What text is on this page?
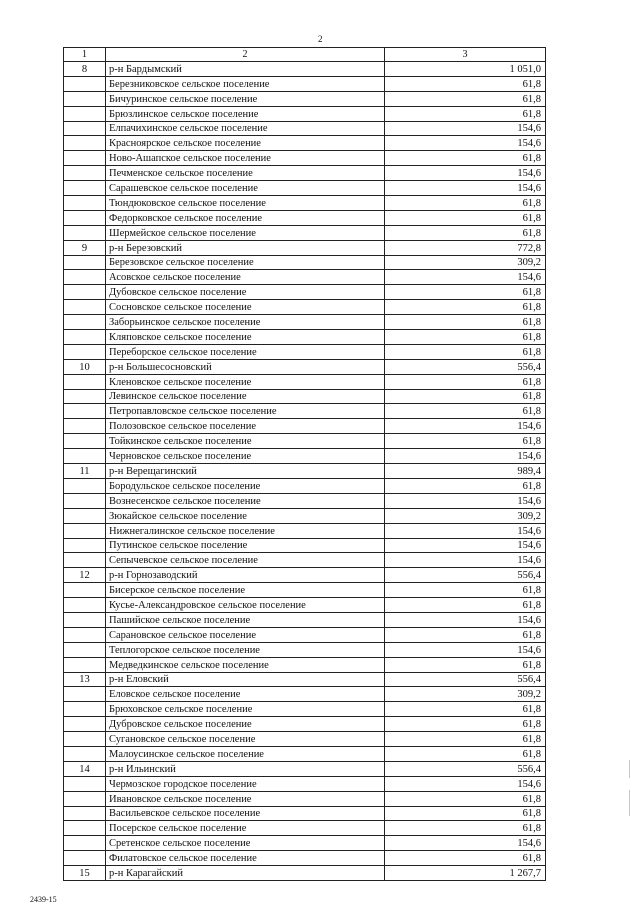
2
1	2	3
8	р-н Бардымский	1 051,0
	Березниковское сельское поселение	61,8
	Бичуринское сельское поселение	61,8
	Брюзлинское сельское поселение	61,8
	Елпачихинское сельское поселение	154,6
	Красноярское сельское поселение	154,6
	Ново-Ашапское сельское поселение	61,8
	Печменское сельское поселение	154,6
	Сарашевское сельское поселение	154,6
	Тюндюковское сельское поселение	61,8
	Федорковское сельское поселение	61,8
	Шермейское сельское поселение	61,8
9	р-н Березовский	772,8
	Березовское сельское поселение	309,2
	Асовское сельское поселение	154,6
	Дубовское сельское поселение	61,8
	Сосновское сельское поселение	61,8
	Заборьинское сельское поселение	61,8
	Кляповское сельское поселение	61,8
	Переборское сельское поселение	61,8
10	р-н Большесосновский	556,4
	Кленовское сельское поселение	61,8
	Левинское сельское поселение	61,8
	Петропавловское сельское поселение	61,8
	Полозовское сельское поселение	154,6
	Тойкинское сельское поселение	61,8
	Черновское сельское поселение	154,6
11	р-н Верещагинский	989,4
	Бородульское сельское поселение	61,8
	Вознесенское сельское поселение	154,6
	Зюкайское сельское поселение	309,2
	Нижнегалинское сельское поселение	154,6
	Путинское сельское поселение	154,6
	Сепычевское сельское поселение	154,6
12	р-н Горнозаводский	556,4
	Бисерское сельское поселение	61,8
	Кусье-Александровское сельское поселение	61,8
	Пашийское сельское поселение	154,6
	Сарановское сельское поселение	61,8
	Теплогорское сельское поселение	154,6
	Медведкинское сельское поселение	61,8
13	р-н Еловский	556,4
	Еловское сельское поселение	309,2
	Брюховское сельское поселение	61,8
	Дубровское сельское поселение	61,8
	Сугановское сельское поселение	61,8
	Малоусинское сельское поселение	61,8
14	р-н Ильинский	556,4
	Чермозское городское поселение	154,6
	Ивановское сельское поселение	61,8
	Васильевское сельское поселение	61,8
	Посерское сельское поселение	61,8
	Сретенское сельское поселение	154,6
	Филатовское сельское поселение	61,8
15	р-н Карагайский	1 267,7
2439-15
